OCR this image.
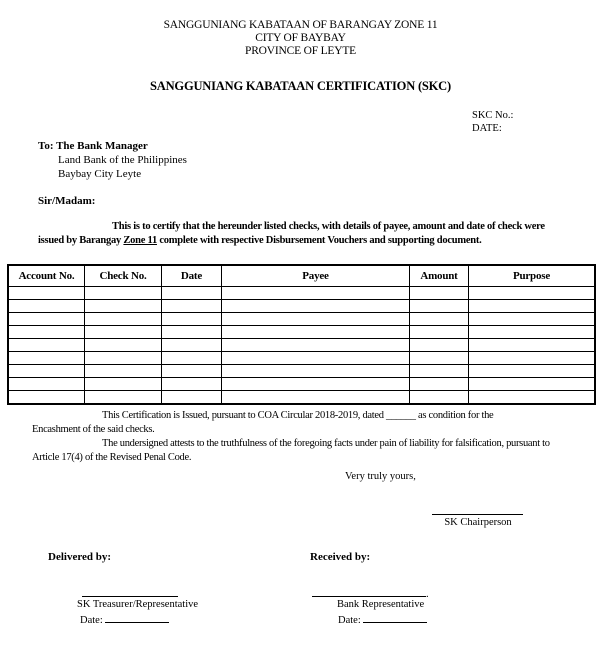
SANGGUNIANG KABATAAN OF BARANGAY ZONE 11
CITY OF BAYBAY
PROVINCE OF LEYTE
SANGGUNIANG KABATAAN CERTIFICATION (SKC)
SKC No.:
DATE:
To: The Bank Manager
Land Bank of the Philippines
Baybay City Leyte
Sir/Madam:
This is to certify that the hereunder listed checks, with details of payee, amount and date of check were
issued by Barangay Zone 11 complete with respective Disbursement Vouchers and supporting document.
Account No.	Check No.	Date	Payee	Amount	Purpose

This Certification is Issued, pursuant to COA Circular 2018-2019, dated ______ as condition for the
Encashment of the said checks.
The undersigned attests to the truthfulness of the foregoing facts under pain of liability for falsification, pursuant to
Article 17(4) of the Revised Penal Code.
Very truly yours,
SK Chairperson
Delivered by:	Received by:
SK Treasurer/Representative
Date:
.
Bank Representative
Date:
